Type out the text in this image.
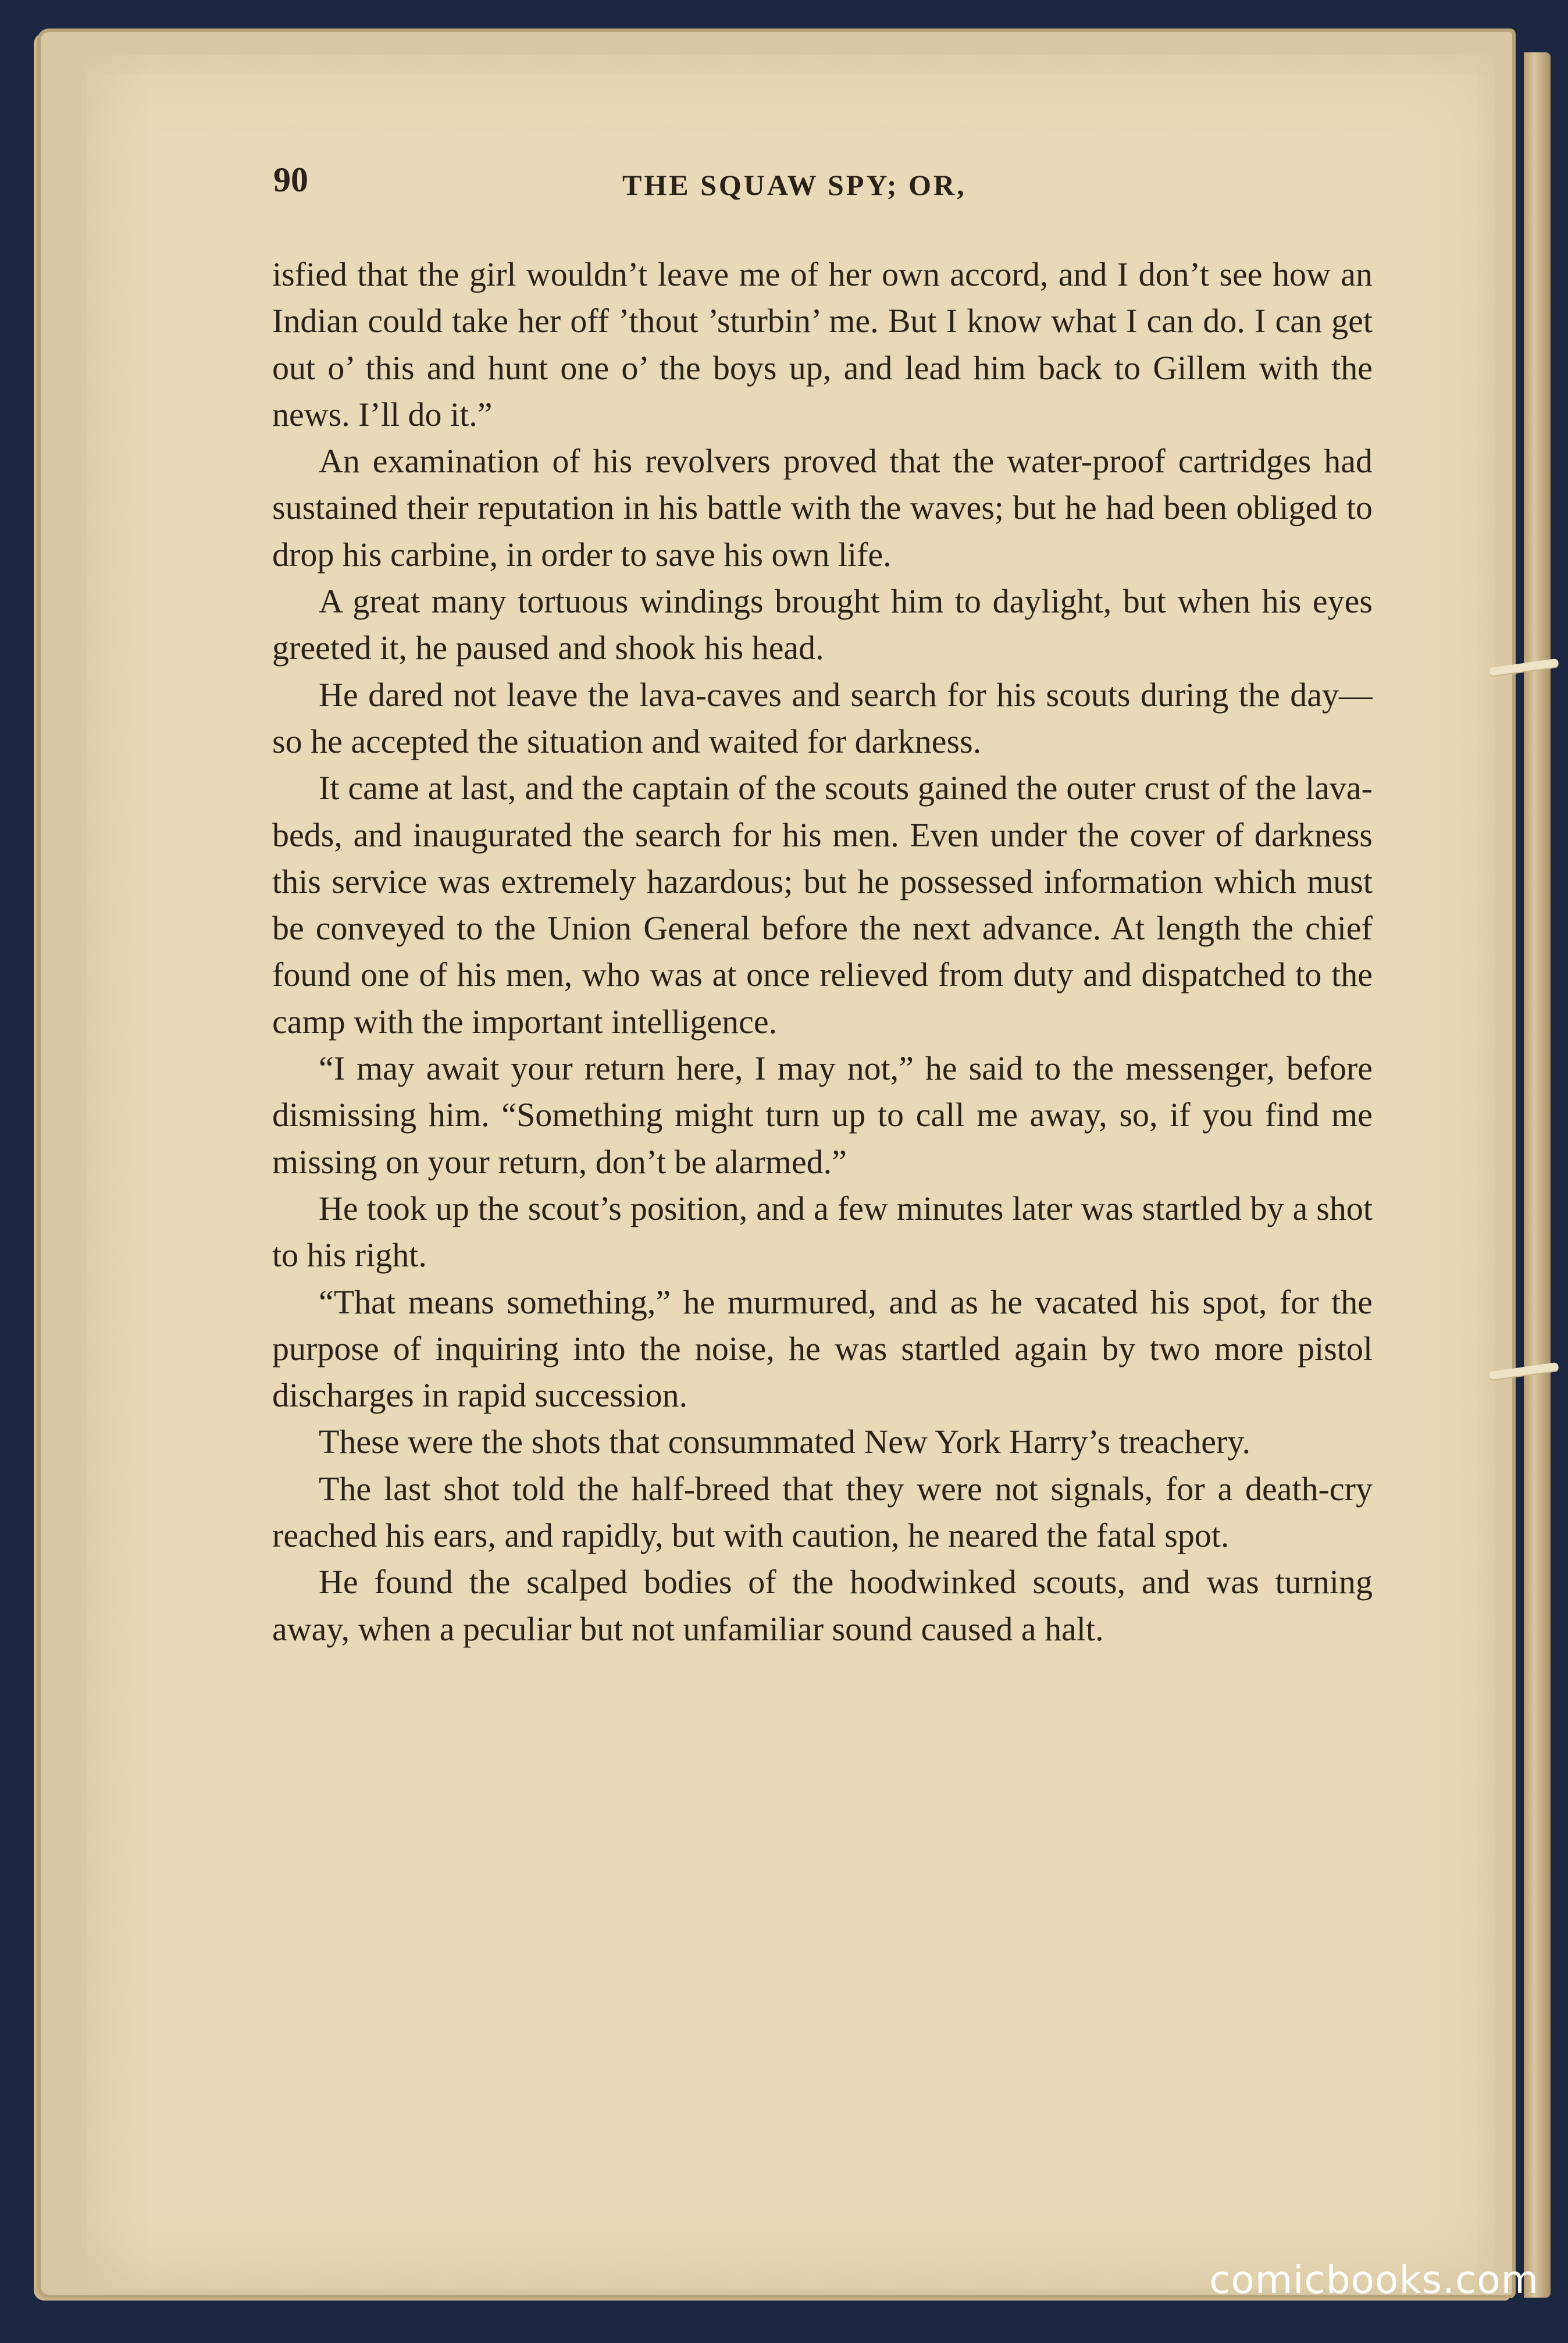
90	THE SQUAW SPY; OR,

isfied that the girl wouldn’t leave me of her own accord, and I don’t see how an Indian could take her off ’thout ’sturbin’ me. But I know what I can do. I can get out o’ this and hunt one o’ the boys up, and lead him back to Gillem with the news. I’ll do it.”

An examination of his revolvers proved that the water-proof cartridges had sustained their reputation in his battle with the waves; but he had been obliged to drop his carbine, in order to save his own life.

A great many tortuous windings brought him to daylight, but when his eyes greeted it, he paused and shook his head.

He dared not leave the lava-caves and search for his scouts during the day—so he accepted the situation and waited for darkness.

It came at last, and the captain of the scouts gained the outer crust of the lava-beds, and inaugurated the search for his men. Even under the cover of darkness this service was extremely hazardous; but he possessed information which must be conveyed to the Union General before the next advance. At length the chief found one of his men, who was at once relieved from duty and dispatched to the camp with the important intelligence.

“I may await your return here, I may not,” he said to the messenger, before dismissing him. “Something might turn up to call me away, so, if you find me missing on your return, don’t be alarmed.”

He took up the scout’s position, and a few minutes later was startled by a shot to his right.

“That means something,” he murmured, and as he vacated his spot, for the purpose of inquiring into the noise, he was startled again by two more pistol discharges in rapid succession.

These were the shots that consummated New York Harry’s treachery.

The last shot told the half-breed that they were not signals, for a death-cry reached his ears, and rapidly, but with caution, he neared the fatal spot.

He found the scalped bodies of the hoodwinked scouts, and was turning away, when a peculiar but not unfamiliar sound caused a halt.

comicbooks.com
